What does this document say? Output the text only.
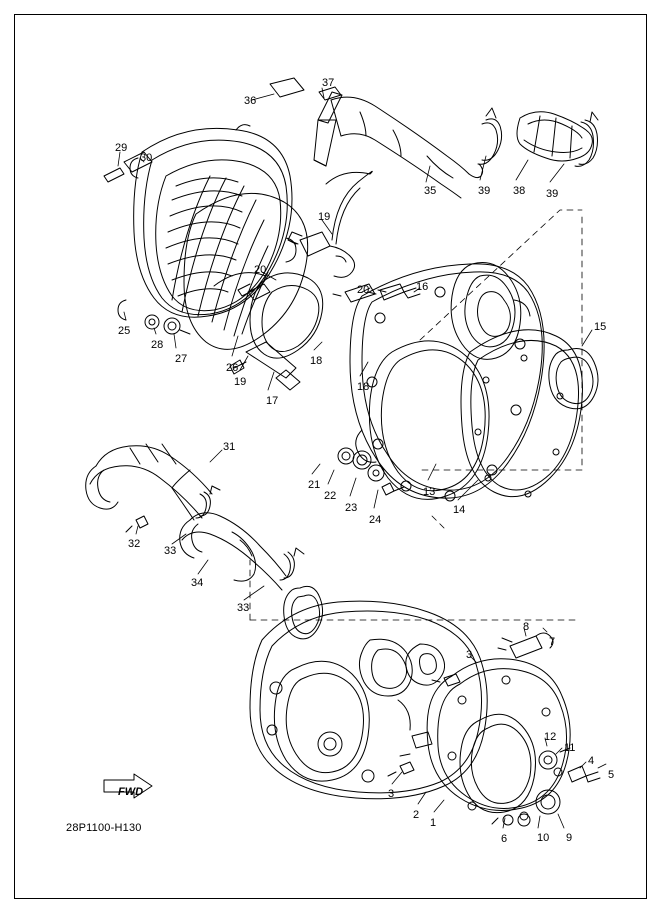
1
2
3
3
4
5
6
7
8
9
10
11
12
13
14
15
16
17
18
18
19
19
20
20
21
22
23
24
25
26
27
28
29
30
31
32
33
33
34
35
36
37
38
39	39
FWD
28P1100-H130
